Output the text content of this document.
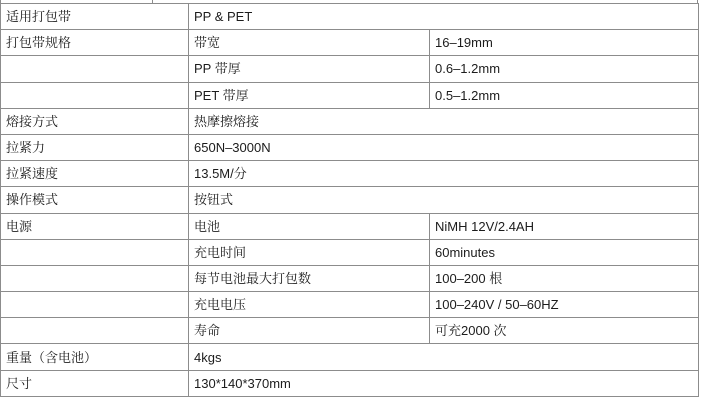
适用打包带	PP & PET	
打包带规格	带宽	16–19mm
	PP 带厚	0.6–1.2mm
	PET 带厚	0.5–1.2mm
熔接方式	热摩擦熔接	
拉紧力	650N–3000N	
拉紧速度	13.5M/分	
操作模式	按钮式	
电源	电池	NiMH 12V/2.4AH
	充电时间	60minutes
	每节电池最大打包数	100–200 根
	充电电压	100–240V / 50–60HZ
	寿命	可充2000 次
重量（含电池）	4kgs	
尺寸	130*140*370mm	
